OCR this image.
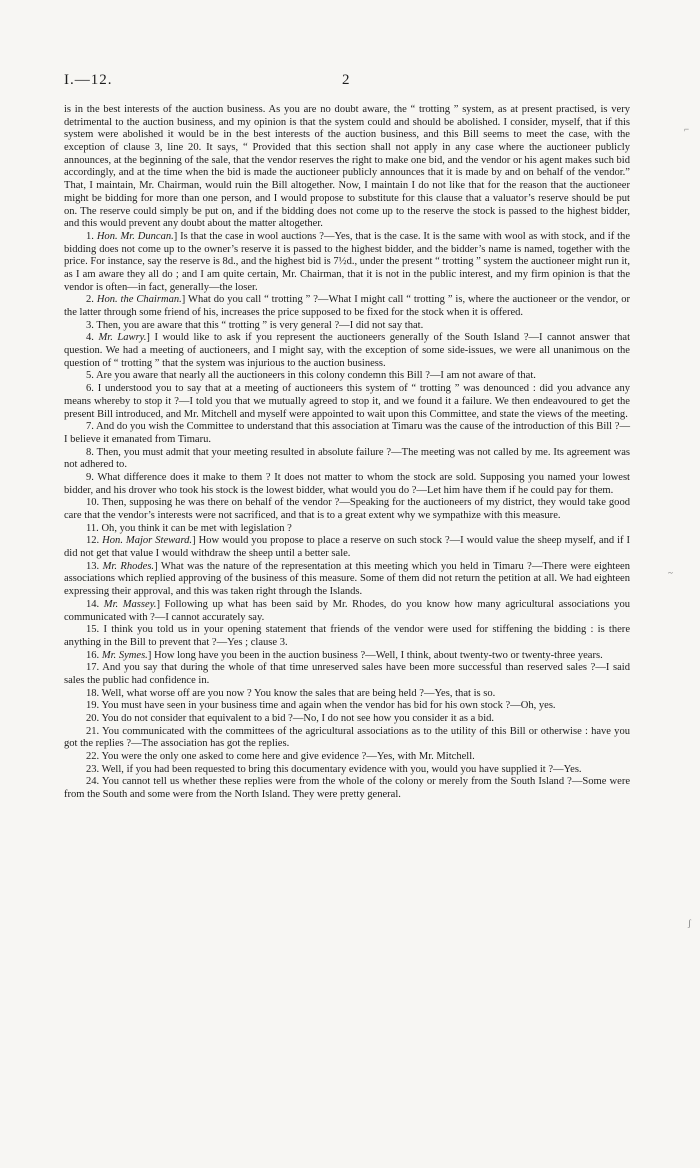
I.—12.	2

is in the best interests of the auction business. As you are no doubt aware, the “ trotting ” system, as at present practised, is very detrimental to the auction business, and my opinion is that the system could and should be abolished. I consider, myself, that if this system were abolished it would be in the best interests of the auction business, and this Bill seems to meet the case, with the exception of clause 3, line 20. It says, “ Provided that this section shall not apply in any case where the auctioneer publicly announces, at the beginning of the sale, that the vendor reserves the right to make one bid, and the vendor or his agent makes such bid accordingly, and at the time when the bid is made the auctioneer publicly announces that it is made by and on behalf of the vendor.” That, I maintain, Mr. Chairman, would ruin the Bill altogether. Now, I maintain I do not like that for the reason that the auctioneer might be bidding for more than one person, and I would propose to substitute for this clause that a valuator’s reserve should be put on. The reserve could simply be put on, and if the bidding does not come up to the reserve the stock is passed to the highest bidder, and this would prevent any doubt about the matter altogether.

1. Hon. Mr. Duncan.] Is that the case in wool auctions ?—Yes, that is the case. It is the same with wool as with stock, and if the bidding does not come up to the owner’s reserve it is passed to the highest bidder, and the bidder’s name is named, together with the price. For instance, say the reserve is 8d., and the highest bid is 7½d., under the present “ trotting ” system the auctioneer might run it, as I am aware they all do ; and I am quite certain, Mr. Chairman, that it is not in the public interest, and my firm opinion is that the vendor is often—in fact, generally—the loser.

2. Hon. the Chairman.] What do you call “ trotting ” ?—What I might call “ trotting ” is, where the auctioneer or the vendor, or the latter through some friend of his, increases the price supposed to be fixed for the stock when it is offered.

3. Then, you are aware that this “ trotting ” is very general ?—I did not say that.

4. Mr. Lawry.] I would like to ask if you represent the auctioneers generally of the South Island ?—I cannot answer that question. We had a meeting of auctioneers, and I might say, with the exception of some side-issues, we were all unanimous on the question of “ trotting ” that the system was injurious to the auction business.

5. Are you aware that nearly all the auctioneers in this colony condemn this Bill ?—I am not aware of that.

6. I understood you to say that at a meeting of auctioneers this system of “ trotting ” was denounced : did you advance any means whereby to stop it ?—I told you that we mutually agreed to stop it, and we found it a failure. We then endeavoured to get the present Bill introduced, and Mr. Mitchell and myself were appointed to wait upon this Committee, and state the views of the meeting.

7. And do you wish the Committee to understand that this association at Timaru was the cause of the introduction of this Bill ?—I believe it emanated from Timaru.

8. Then, you must admit that your meeting resulted in absolute failure ?—The meeting was not called by me. Its agreement was not adhered to.

9. What difference does it make to them ? It does not matter to whom the stock are sold. Supposing you named your lowest bidder, and his drover who took his stock is the lowest bidder, what would you do ?—Let him have them if he could pay for them.

10. Then, supposing he was there on behalf of the vendor ?—Speaking for the auctioneers of my district, they would take good care that the vendor’s interests were not sacrificed, and that is to a great extent why we sympathize with this measure.

11. Oh, you think it can be met with legislation ?

12. Hon. Major Steward.] How would you propose to place a reserve on such stock ?—I would value the sheep myself, and if I did not get that value I would withdraw the sheep until a better sale.

13. Mr. Rhodes.] What was the nature of the representation at this meeting which you held in Timaru ?—There were eighteen associations which replied approving of the business of this measure. Some of them did not return the petition at all. We had eighteen expressing their approval, and this was taken right through the Islands.

14. Mr. Massey.] Following up what has been said by Mr. Rhodes, do you know how many agricultural associations you communicated with ?—I cannot accurately say.

15. I think you told us in your opening statement that friends of the vendor were used for stiffening the bidding : is there anything in the Bill to prevent that ?—Yes ; clause 3.

16. Mr. Symes.] How long have you been in the auction business ?—Well, I think, about twenty-two or twenty-three years.

17. And you say that during the whole of that time unreserved sales have been more successful than reserved sales ?—I said sales the public had confidence in.

18. Well, what worse off are you now ? You know the sales that are being held ?—Yes, that is so.

19. You must have seen in your business time and again when the vendor has bid for his own stock ?—Oh, yes.

20. You do not consider that equivalent to a bid ?—No, I do not see how you consider it as a bid.

21. You communicated with the committees of the agricultural associations as to the utility of this Bill or otherwise : have you got the replies ?—The association has got the replies.

22. You were the only one asked to come here and give evidence ?—Yes, with Mr. Mitchell.

23. Well, if you had been requested to bring this documentary evidence with you, would you have supplied it ?—Yes.

24. You cannot tell us whether these replies were from the whole of the colony or merely from the South Island ?—Some were from the South and some were from the North Island. They were pretty general.

⌐
~
ʃ
